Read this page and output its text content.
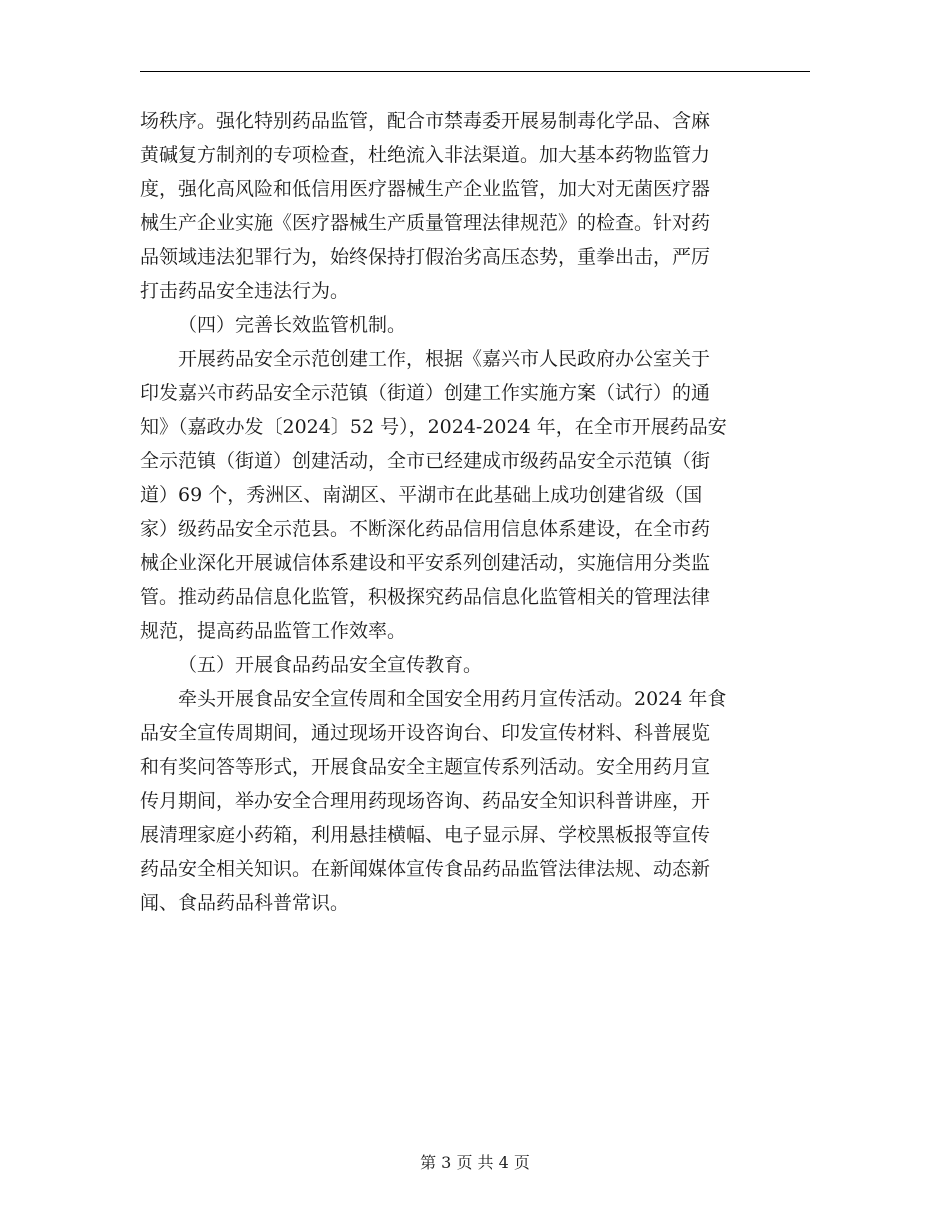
场秩序。强化特别药品监管，配合市禁毒委开展易制毒化学品、含麻
黄碱复方制剂的专项检查，杜绝流入非法渠道。加大基本药物监管力
度，强化高风险和低信用医疗器械生产企业监管，加大对无菌医疗器
械生产企业实施《医疗器械生产质量管理法律规范》的检查。针对药
品领域违法犯罪行为，始终保持打假治劣高压态势，重拳出击，严厉
打击药品安全违法行为。
（四）完善长效监管机制。
开展药品安全示范创建工作，根据《嘉兴市人民政府办公室关于
印发嘉兴市药品安全示范镇（街道）创建工作实施方案（试行）的通
知》（嘉政办发〔2024〕52 号），2024-2024 年，在全市开展药品安
全示范镇（街道）创建活动，全市已经建成市级药品安全示范镇（街
道）69 个，秀洲区、南湖区、平湖市在此基础上成功创建省级（国
家）级药品安全示范县。不断深化药品信用信息体系建设，在全市药
械企业深化开展诚信体系建设和平安系列创建活动，实施信用分类监
管。推动药品信息化监管，积极探究药品信息化监管相关的管理法律
规范，提高药品监管工作效率。
（五）开展食品药品安全宣传教育。
牵头开展食品安全宣传周和全国安全用药月宣传活动。2024 年食
品安全宣传周期间，通过现场开设咨询台、印发宣传材料、科普展览
和有奖问答等形式，开展食品安全主题宣传系列活动。安全用药月宣
传月期间，举办安全合理用药现场咨询、药品安全知识科普讲座，开
展清理家庭小药箱，利用悬挂横幅、电子显示屏、学校黑板报等宣传
药品安全相关知识。在新闻媒体宣传食品药品监管法律法规、动态新
闻、食品药品科普常识。
第 3 页 共 4 页
